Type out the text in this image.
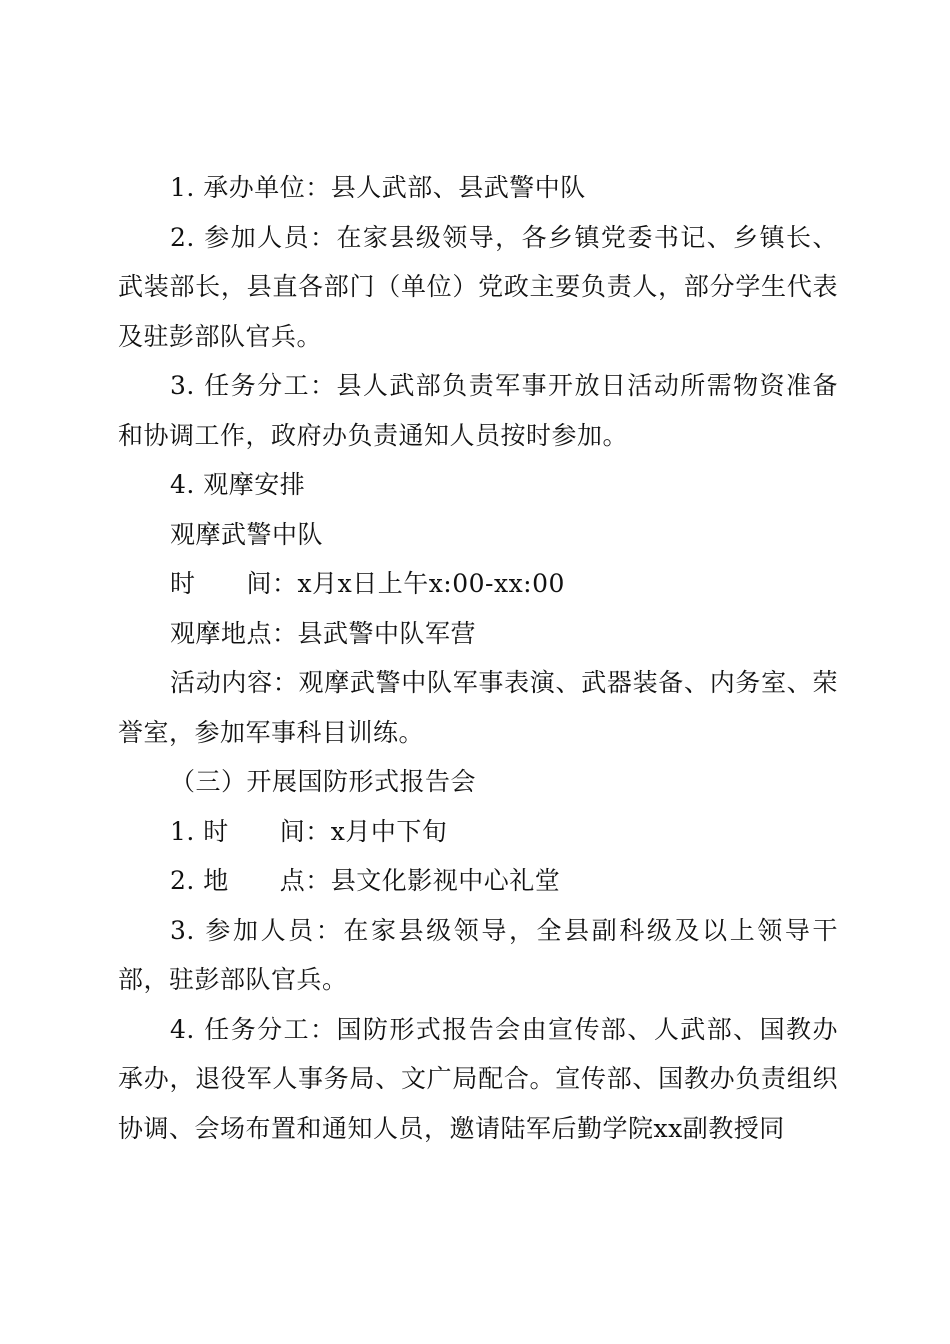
1. 承办单位：县人武部、县武警中队

2. 参加人员：在家县级领导，各乡镇党委书记、乡镇长、武装部长，县直各部门（单位）党政主要负责人，部分学生代表及驻彭部队官兵。

3. 任务分工：县人武部负责军事开放日活动所需物资准备和协调工作，政府办负责通知人员按时参加。

4. 观摩安排

观摩武警中队

时　　间：x月x日上午x:00-xx:00

观摩地点：县武警中队军营

活动内容：观摩武警中队军事表演、武器装备、内务室、荣誉室，参加军事科目训练。

（三）开展国防形式报告会

1. 时　　间：x月中下旬

2. 地　　点：县文化影视中心礼堂

3. 参加人员：在家县级领导，全县副科级及以上领导干部，驻彭部队官兵。

4. 任务分工：国防形式报告会由宣传部、人武部、国教办承办，退役军人事务局、文广局配合。宣传部、国教办负责组织协调、会场布置和通知人员，邀请陆军后勤学院xx副教授同
